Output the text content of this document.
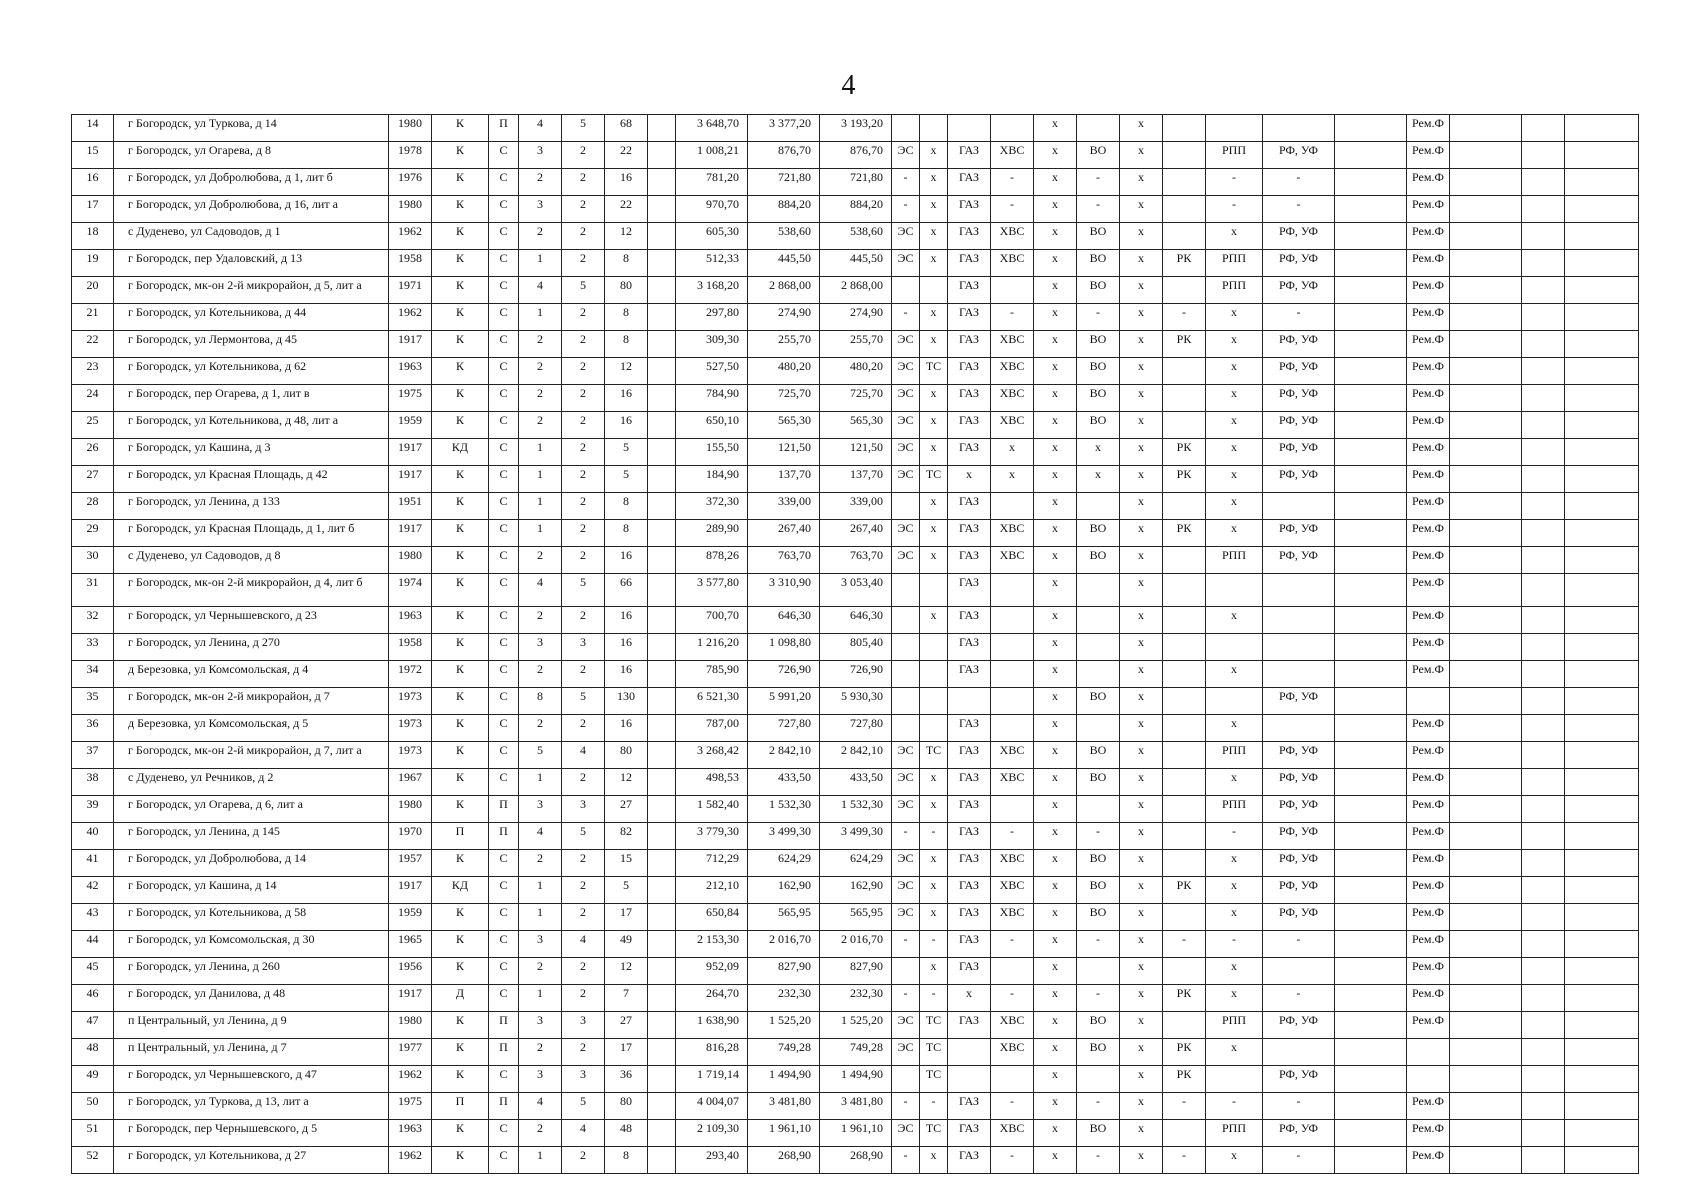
4
14	г Богородск, ул Туркова, д 14	1980	К	П	4	5	68		3 648,70	3 377,20	3 193,20					х		х					Рем.Ф			
15	г Богородск, ул Огарева, д 8	1978	К	С	3	2	22		1 008,21	876,70	876,70	ЭС	х	ГАЗ	ХВС	х	ВО	х		РПП	РФ, УФ		Рем.Ф			
16	г Богородск, ул Добролюбова, д 1, лит б	1976	К	С	2	2	16		781,20	721,80	721,80	-	х	ГАЗ	-	х	-	х		-	-		Рем.Ф			
17	г Богородск, ул Добролюбова, д 16, лит а	1980	К	С	3	2	22		970,70	884,20	884,20	-	х	ГАЗ	-	х	-	х		-	-		Рем.Ф			
18	с Дуденево, ул Садоводов, д 1	1962	К	С	2	2	12		605,30	538,60	538,60	ЭС	х	ГАЗ	ХВС	х	ВО	х		х	РФ, УФ		Рем.Ф			
19	г Богородск, пер Удаловский, д 13	1958	К	С	1	2	8		512,33	445,50	445,50	ЭС	х	ГАЗ	ХВС	х	ВО	х	РК	РПП	РФ, УФ		Рем.Ф			
20	г Богородск, мк-он 2-й микрорайон, д 5, лит а	1971	К	С	4	5	80		3 168,20	2 868,00	2 868,00			ГАЗ		х	ВО	х		РПП	РФ, УФ		Рем.Ф			
21	г Богородск, ул Котельникова, д 44	1962	К	С	1	2	8		297,80	274,90	274,90	-	х	ГАЗ	-	х	-	х	-	х	-		Рем.Ф			
22	г Богородск, ул Лермонтова, д 45	1917	К	С	2	2	8		309,30	255,70	255,70	ЭС	х	ГАЗ	ХВС	х	ВО	х	РК	х	РФ, УФ		Рем.Ф			
23	г Богородск, ул Котельникова, д 62	1963	К	С	2	2	12		527,50	480,20	480,20	ЭС	ТС	ГАЗ	ХВС	х	ВО	х		х	РФ, УФ		Рем.Ф			
24	г Богородск, пер Огарева, д 1, лит в	1975	К	С	2	2	16		784,90	725,70	725,70	ЭС	х	ГАЗ	ХВС	х	ВО	х		х	РФ, УФ		Рем.Ф			
25	г Богородск, ул Котельникова, д 48, лит а	1959	К	С	2	2	16		650,10	565,30	565,30	ЭС	х	ГАЗ	ХВС	х	ВО	х		х	РФ, УФ		Рем.Ф			
26	г Богородск, ул Кашина, д 3	1917	КД	С	1	2	5		155,50	121,50	121,50	ЭС	х	ГАЗ	х	х	х	х	РК	х	РФ, УФ		Рем.Ф			
27	г Богородск, ул Красная Площадь, д 42	1917	К	С	1	2	5		184,90	137,70	137,70	ЭС	ТС	х	х	х	х	х	РК	х	РФ, УФ		Рем.Ф			
28	г Богородск, ул Ленина, д 133	1951	К	С	1	2	8		372,30	339,00	339,00		х	ГАЗ		х		х		х			Рем.Ф			
29	г Богородск, ул Красная Площадь, д 1, лит б	1917	К	С	1	2	8		289,90	267,40	267,40	ЭС	х	ГАЗ	ХВС	х	ВО	х	РК	х	РФ, УФ		Рем.Ф			
30	с Дуденево, ул Садоводов, д 8	1980	К	С	2	2	16		878,26	763,70	763,70	ЭС	х	ГАЗ	ХВС	х	ВО	х		РПП	РФ, УФ		Рем.Ф			
31	г Богородск, мк-он 2-й микрорайон, д 4, лит б	1974	К	С	4	5	66		3 577,80	3 310,90	3 053,40			ГАЗ		х		х					Рем.Ф			
32	г Богородск, ул Чернышевского, д 23	1963	К	С	2	2	16		700,70	646,30	646,30		х	ГАЗ		х		х		х			Рем.Ф			
33	г Богородск, ул Ленина, д 270	1958	К	С	3	3	16		1 216,20	1 098,80	805,40			ГАЗ		х		х					Рем.Ф			
34	д Березовка, ул Комсомольская, д 4	1972	К	С	2	2	16		785,90	726,90	726,90			ГАЗ		х		х		х			Рем.Ф			
35	г Богородск, мк-он 2-й микрорайон, д 7	1973	К	С	8	5	130		6 521,30	5 991,20	5 930,30					х	ВО	х			РФ, УФ					
36	д Березовка, ул Комсомольская, д 5	1973	К	С	2	2	16		787,00	727,80	727,80			ГАЗ		х		х		х			Рем.Ф			
37	г Богородск, мк-он 2-й микрорайон, д 7, лит а	1973	К	С	5	4	80		3 268,42	2 842,10	2 842,10	ЭС	ТС	ГАЗ	ХВС	х	ВО	х		РПП	РФ, УФ		Рем.Ф			
38	с Дуденево, ул Речников, д 2	1967	К	С	1	2	12		498,53	433,50	433,50	ЭС	х	ГАЗ	ХВС	х	ВО	х		х	РФ, УФ		Рем.Ф			
39	г Богородск, ул Огарева, д 6, лит а	1980	К	П	3	3	27		1 582,40	1 532,30	1 532,30	ЭС	х	ГАЗ		х		х		РПП	РФ, УФ		Рем.Ф			
40	г Богородск, ул Ленина, д 145	1970	П	П	4	5	82		3 779,30	3 499,30	3 499,30	-	-	ГАЗ	-	х	-	х		-	РФ, УФ		Рем.Ф			
41	г Богородск, ул Добролюбова, д 14	1957	К	С	2	2	15		712,29	624,29	624,29	ЭС	х	ГАЗ	ХВС	х	ВО	х		х	РФ, УФ		Рем.Ф			
42	г Богородск, ул Кашина, д 14	1917	КД	С	1	2	5		212,10	162,90	162,90	ЭС	х	ГАЗ	ХВС	х	ВО	х	РК	х	РФ, УФ		Рем.Ф			
43	г Богородск, ул Котельникова, д 58	1959	К	С	1	2	17		650,84	565,95	565,95	ЭС	х	ГАЗ	ХВС	х	ВО	х		х	РФ, УФ		Рем.Ф			
44	г Богородск, ул Комсомольская, д 30	1965	К	С	3	4	49		2 153,30	2 016,70	2 016,70	-	-	ГАЗ	-	х	-	х	-	-	-		Рем.Ф			
45	г Богородск, ул Ленина, д 260	1956	К	С	2	2	12		952,09	827,90	827,90		х	ГАЗ		х		х		х			Рем.Ф			
46	г Богородск, ул Данилова, д 48	1917	Д	С	1	2	7		264,70	232,30	232,30	-	-	х	-	х	-	х	РК	х	-		Рем.Ф			
47	п Центральный, ул Ленина, д 9	1980	К	П	3	3	27		1 638,90	1 525,20	1 525,20	ЭС	ТС	ГАЗ	ХВС	х	ВО	х		РПП	РФ, УФ		Рем.Ф			
48	п Центральный, ул Ленина, д 7	1977	К	П	2	2	17		816,28	749,28	749,28	ЭС	ТС		ХВС	х	ВО	х	РК	х						
49	г Богородск, ул Чернышевского, д 47	1962	К	С	3	3	36		1 719,14	1 494,90	1 494,90		ТС			х		х	РК		РФ, УФ					
50	г Богородск, ул Туркова, д 13, лит а	1975	П	П	4	5	80		4 004,07	3 481,80	3 481,80	-	-	ГАЗ	-	х	-	х	-	-	-		Рем.Ф			
51	г Богородск, пер Чернышевского, д 5	1963	К	С	2	4	48		2 109,30	1 961,10	1 961,10	ЭС	ТС	ГАЗ	ХВС	х	ВО	х		РПП	РФ, УФ		Рем.Ф			
52	г Богородск, ул Котельникова, д 27	1962	К	С	1	2	8		293,40	268,90	268,90	-	х	ГАЗ	-	х	-	х	-	х	-		Рем.Ф			
